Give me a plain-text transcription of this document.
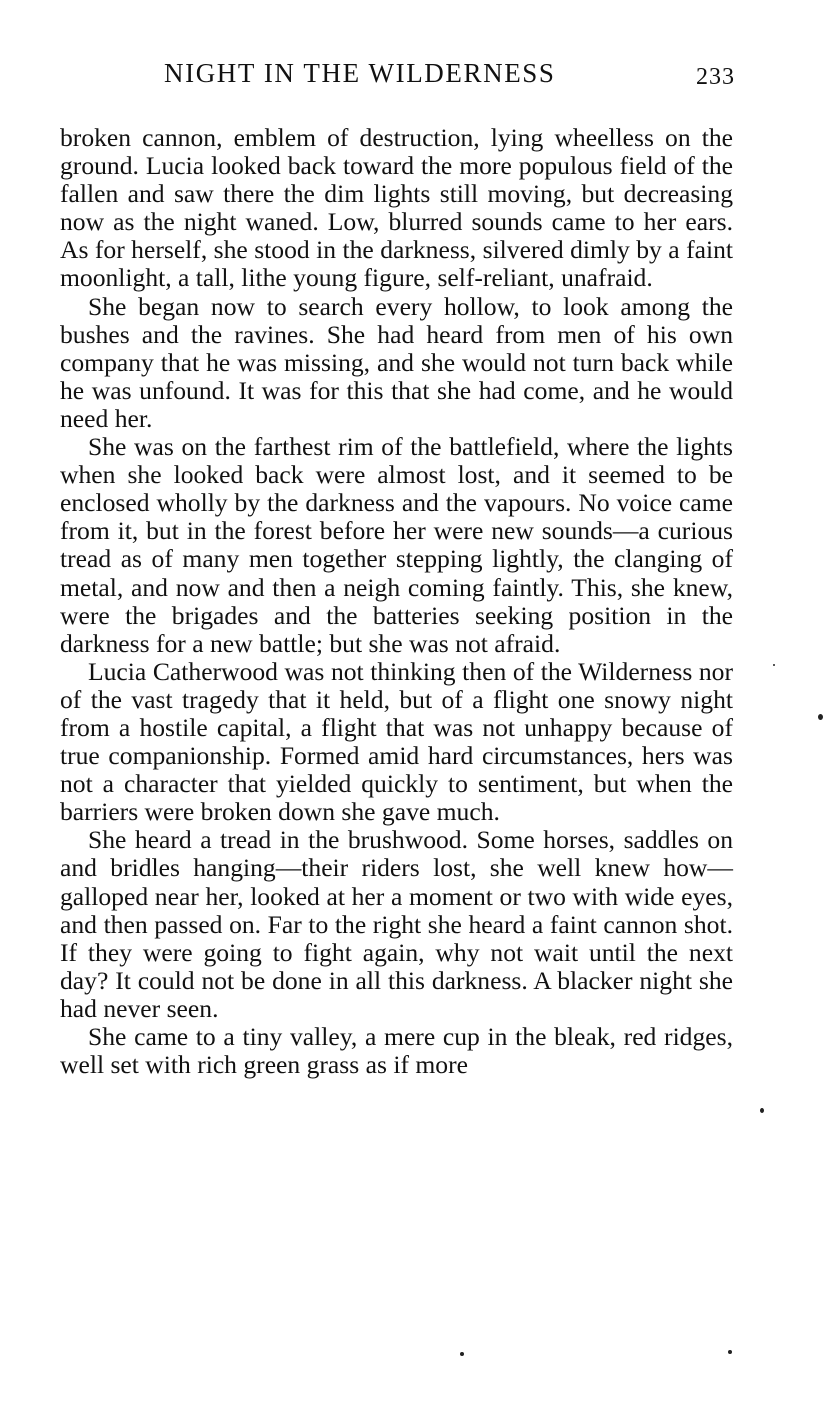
NIGHT IN THE WILDERNESS	233

broken cannon, emblem of destruction, lying wheelless on the ground. Lucia looked back toward the more populous field of the fallen and saw there the dim lights still moving, but decreasing now as the night waned. Low, blurred sounds came to her ears. As for herself, she stood in the darkness, silvered dimly by a faint moonlight, a tall, lithe young figure, self-reliant, unafraid.

She began now to search every hollow, to look among the bushes and the ravines. She had heard from men of his own company that he was missing, and she would not turn back while he was unfound. It was for this that she had come, and he would need her.

She was on the farthest rim of the battlefield, where the lights when she looked back were almost lost, and it seemed to be enclosed wholly by the darkness and the vapours. No voice came from it, but in the forest before her were new sounds—a curious tread as of many men together stepping lightly, the clanging of metal, and now and then a neigh coming faintly. This, she knew, were the brigades and the batteries seeking position in the darkness for a new battle; but she was not afraid.

Lucia Catherwood was not thinking then of the Wilderness nor of the vast tragedy that it held, but of a flight one snowy night from a hostile capital, a flight that was not unhappy because of true companionship. Formed amid hard circumstances, hers was not a character that yielded quickly to sentiment, but when the barriers were broken down she gave much.

She heard a tread in the brushwood. Some horses, saddles on and bridles hanging—their riders lost, she well knew how—galloped near her, looked at her a moment or two with wide eyes, and then passed on. Far to the right she heard a faint cannon shot. If they were going to fight again, why not wait until the next day? It could not be done in all this darkness. A blacker night she had never seen.

She came to a tiny valley, a mere cup in the bleak, red ridges, well set with rich green grass as if more
